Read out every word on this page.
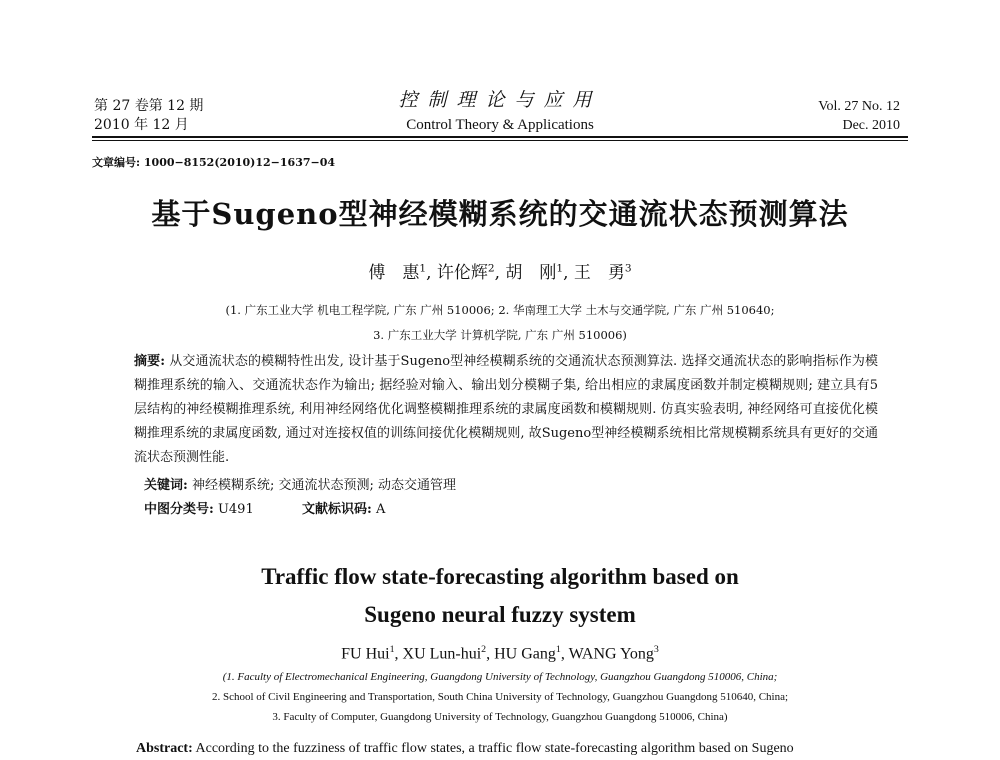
第 27 卷第 12 期
2010 年 12 月
控制理论与应用
Control Theory & Applications
Vol. 27 No. 12
Dec. 2010
文章编号: 1000−8152(2010)12−1637−04
基于Sugeno型神经模糊系统的交通流状态预测算法
傅　惠$^1$, 许伦辉$^2$, 胡　刚$^1$, 王　勇$^3$
(1. 广东工业大学 机电工程学院, 广东 广州 510006; 2. 华南理工大学 土木与交通学院, 广东 广州 510640;
3. 广东工业大学 计算机学院, 广东 广州 510006)
摘要: 从交通流状态的模糊特性出发, 设计基于Sugeno型神经模糊系统的交通流状态预测算法. 选择交通流状态的影响指标作为模糊推理系统的输入、交通流状态作为输出; 据经验对输入、输出划分模糊子集, 给出相应的隶属度函数并制定模糊规则; 建立具有5层结构的神经模糊推理系统, 利用神经网络优化调整模糊推理系统的隶属度函数和模糊规则. 仿真实验表明, 神经网络可直接优化模糊推理系统的隶属度函数, 通过对连接权值的训练间接优化模糊规则, 故Sugeno型神经模糊系统相比常规模糊系统具有更好的交通流状态预测性能.
关键词: 神经模糊系统; 交通流状态预测; 动态交通管理
中图分类号: U491	文献标识码: A
Traffic flow state-forecasting algorithm based on
Sugeno neural fuzzy system
FU Hui$^1$, XU Lun-hui$^2$, HU Gang$^1$, WANG Yong$^3$
(1. Faculty of Electromechanical Engineering, Guangdong University of Technology, Guangzhou Guangdong 510006, China;
2. School of Civil Engineering and Transportation, South China University of Technology, Guangzhou Guangdong 510640, China;
3. Faculty of Computer, Guangdong University of Technology, Guangzhou Guangdong 510006, China)
Abstract: According to the fuzziness of traffic flow states, a traffic flow state-forecasting algorithm based on Sugeno
